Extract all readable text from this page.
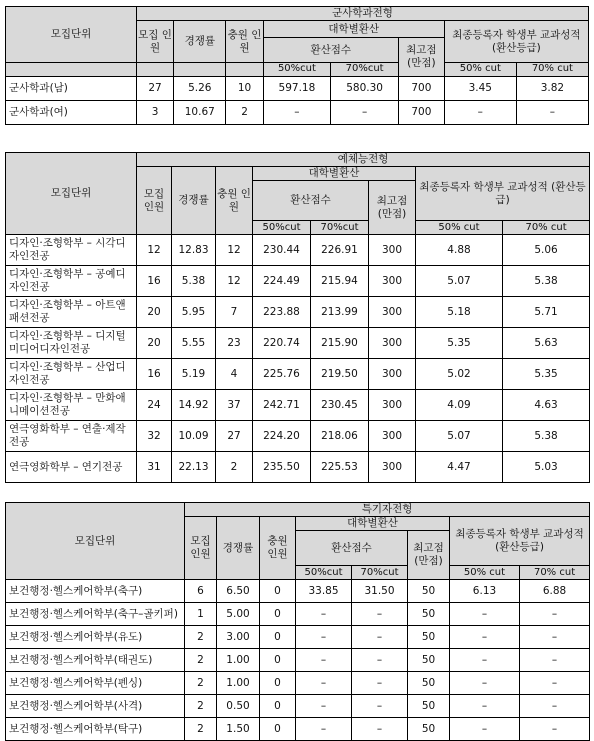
모집단위	군사학과전형							
	모집 인원	경쟁률	충원 인원	대학별환산			최종등록자 학생부 교과성적 (환산등급)	
				환산점수		최고점 (만점)		
				50%cut	70%cut		50% cut	70% cut
군사학과(남)	27	5.26	10	597.18	580.30	700	3.45	3.82
군사학과(여)	3	10.67	2	–	–	700	–	–
모집단위	예체능전형							
	모집 인원	경쟁률	충원 인원	대학별환산			최종등록자 학생부 교과성적 (환산등급)	
				환산점수		최고점 (만점)		
				50%cut	70%cut		50% cut	70% cut
디자인·조형학부 – 시각디자인전공	12	12.83	12	230.44	226.91	300	4.88	5.06
디자인·조형학부 – 공예디자인전공	16	5.38	12	224.49	215.94	300	5.07	5.38
디자인·조형학부 – 아트앤패션전공	20	5.95	7	223.88	213.99	300	5.18	5.71
디자인·조형학부 – 디지털미디어디자인전공	20	5.55	23	220.74	215.90	300	5.35	5.63
디자인·조형학부 – 산업디자인전공	16	5.19	4	225.76	219.50	300	5.02	5.35
디자인·조형학부 – 만화애니메이션전공	24	14.92	37	242.71	230.45	300	4.09	4.63
연극영화학부 – 연출·제작전공	32	10.09	27	224.20	218.06	300	5.07	5.38
연극영화학부 – 연기전공	31	22.13	2	235.50	225.53	300	4.47	5.03
모집단위	특기자전형							
	모집 인원	경쟁률	충원 인원	대학별환산			최종등록자 학생부 교과성적 (환산등급)	
				환산점수		최고점 (만점)		
				50%cut	70%cut		50% cut	70% cut
보건행정·헬스케어학부(축구)	6	6.50	0	33.85	31.50	50	6.13	6.88
보건행정·헬스케어학부(축구–골키퍼)	1	5.00	0	–	–	50	–	–
보건행정·헬스케어학부(유도)	2	3.00	0	–	–	50	–	–
보건행정·헬스케어학부(태권도)	2	1.00	0	–	–	50	–	–
보건행정·헬스케어학부(펜싱)	2	1.00	0	–	–	50	–	–
보건행정·헬스케어학부(사격)	2	0.50	0	–	–	50	–	–
보건행정·헬스케어학부(탁구)	2	1.50	0	–	–	50	–	–
